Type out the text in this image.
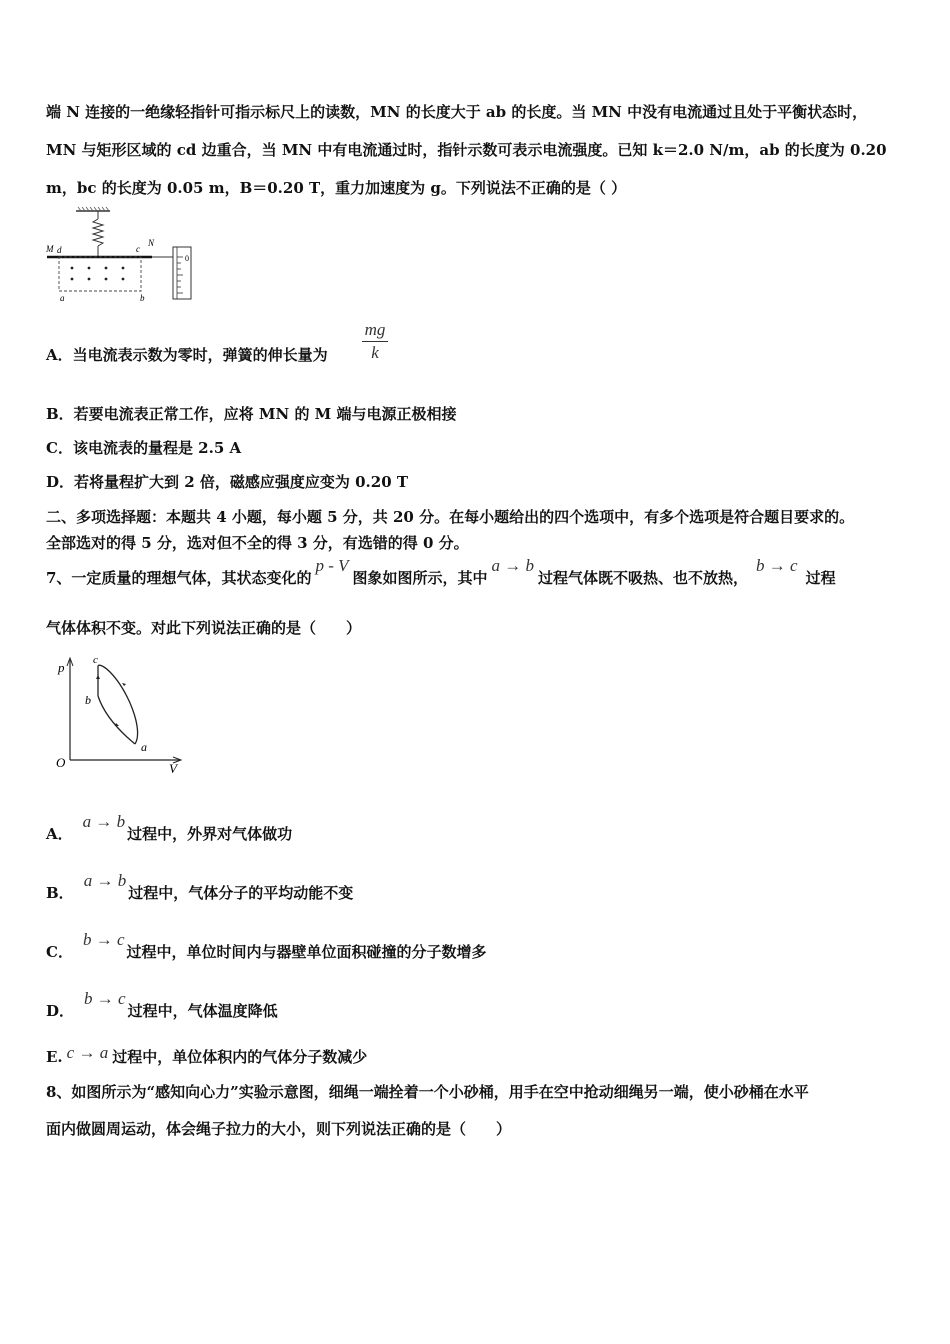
端 N 连接的一绝缘轻指针可指示标尺上的读数，MN 的长度大于 ab 的长度。当 MN 中没有电流通过且处于平衡状态时，
MN 与矩形区域的 cd 边重合，当 MN 中有电流通过时，指针示数可表示电流强度。已知 k＝2.0 N/m，ab 的长度为 0.20
m，bc 的长度为 0.05 m，B＝0.20 T，重力加速度为 g。下列说法不正确的是（ ）
M d	c
N
a	b
0
A．当电流表示数为零时，弹簧的伸长量为
mg
k
B．若要电流表正常工作，应将 MN 的 M 端与电源正极相接
C．该电流表的量程是 2.5 A
D．若将量程扩大到 2 倍，磁感应强度应变为 0.20 T
二、多项选择题：本题共 4 小题，每小题 5 分，共 20 分。在每小题给出的四个选项中，有多个选项是符合题目要求的。
全部选对的得 5 分，选对但不全的得 3 分，有选错的得 0 分。
7、一定质量的理想气体，其状态变化的p - V图象如图所示，其中a → b过程气体既不吸热、也不放热，b → c过程
气体体积不变。对此下列说法正确的是（　　）
p	c
b
a
O	V
A．a → b过程中，外界对气体做功
B．a → b过程中，气体分子的平均动能不变
C．b → c过程中，单位时间内与器壁单位面积碰撞的分子数增多
D．b → c过程中，气体温度降低
E. c → a 过程中，单位体积内的气体分子数减少
8、如图所示为“感知向心力”实验示意图，细绳一端拴着一个小砂桶，用手在空中抢动细绳另一端，使小砂桶在水平
面内做圆周运动，体会绳子拉力的大小，则下列说法正确的是（　　）
